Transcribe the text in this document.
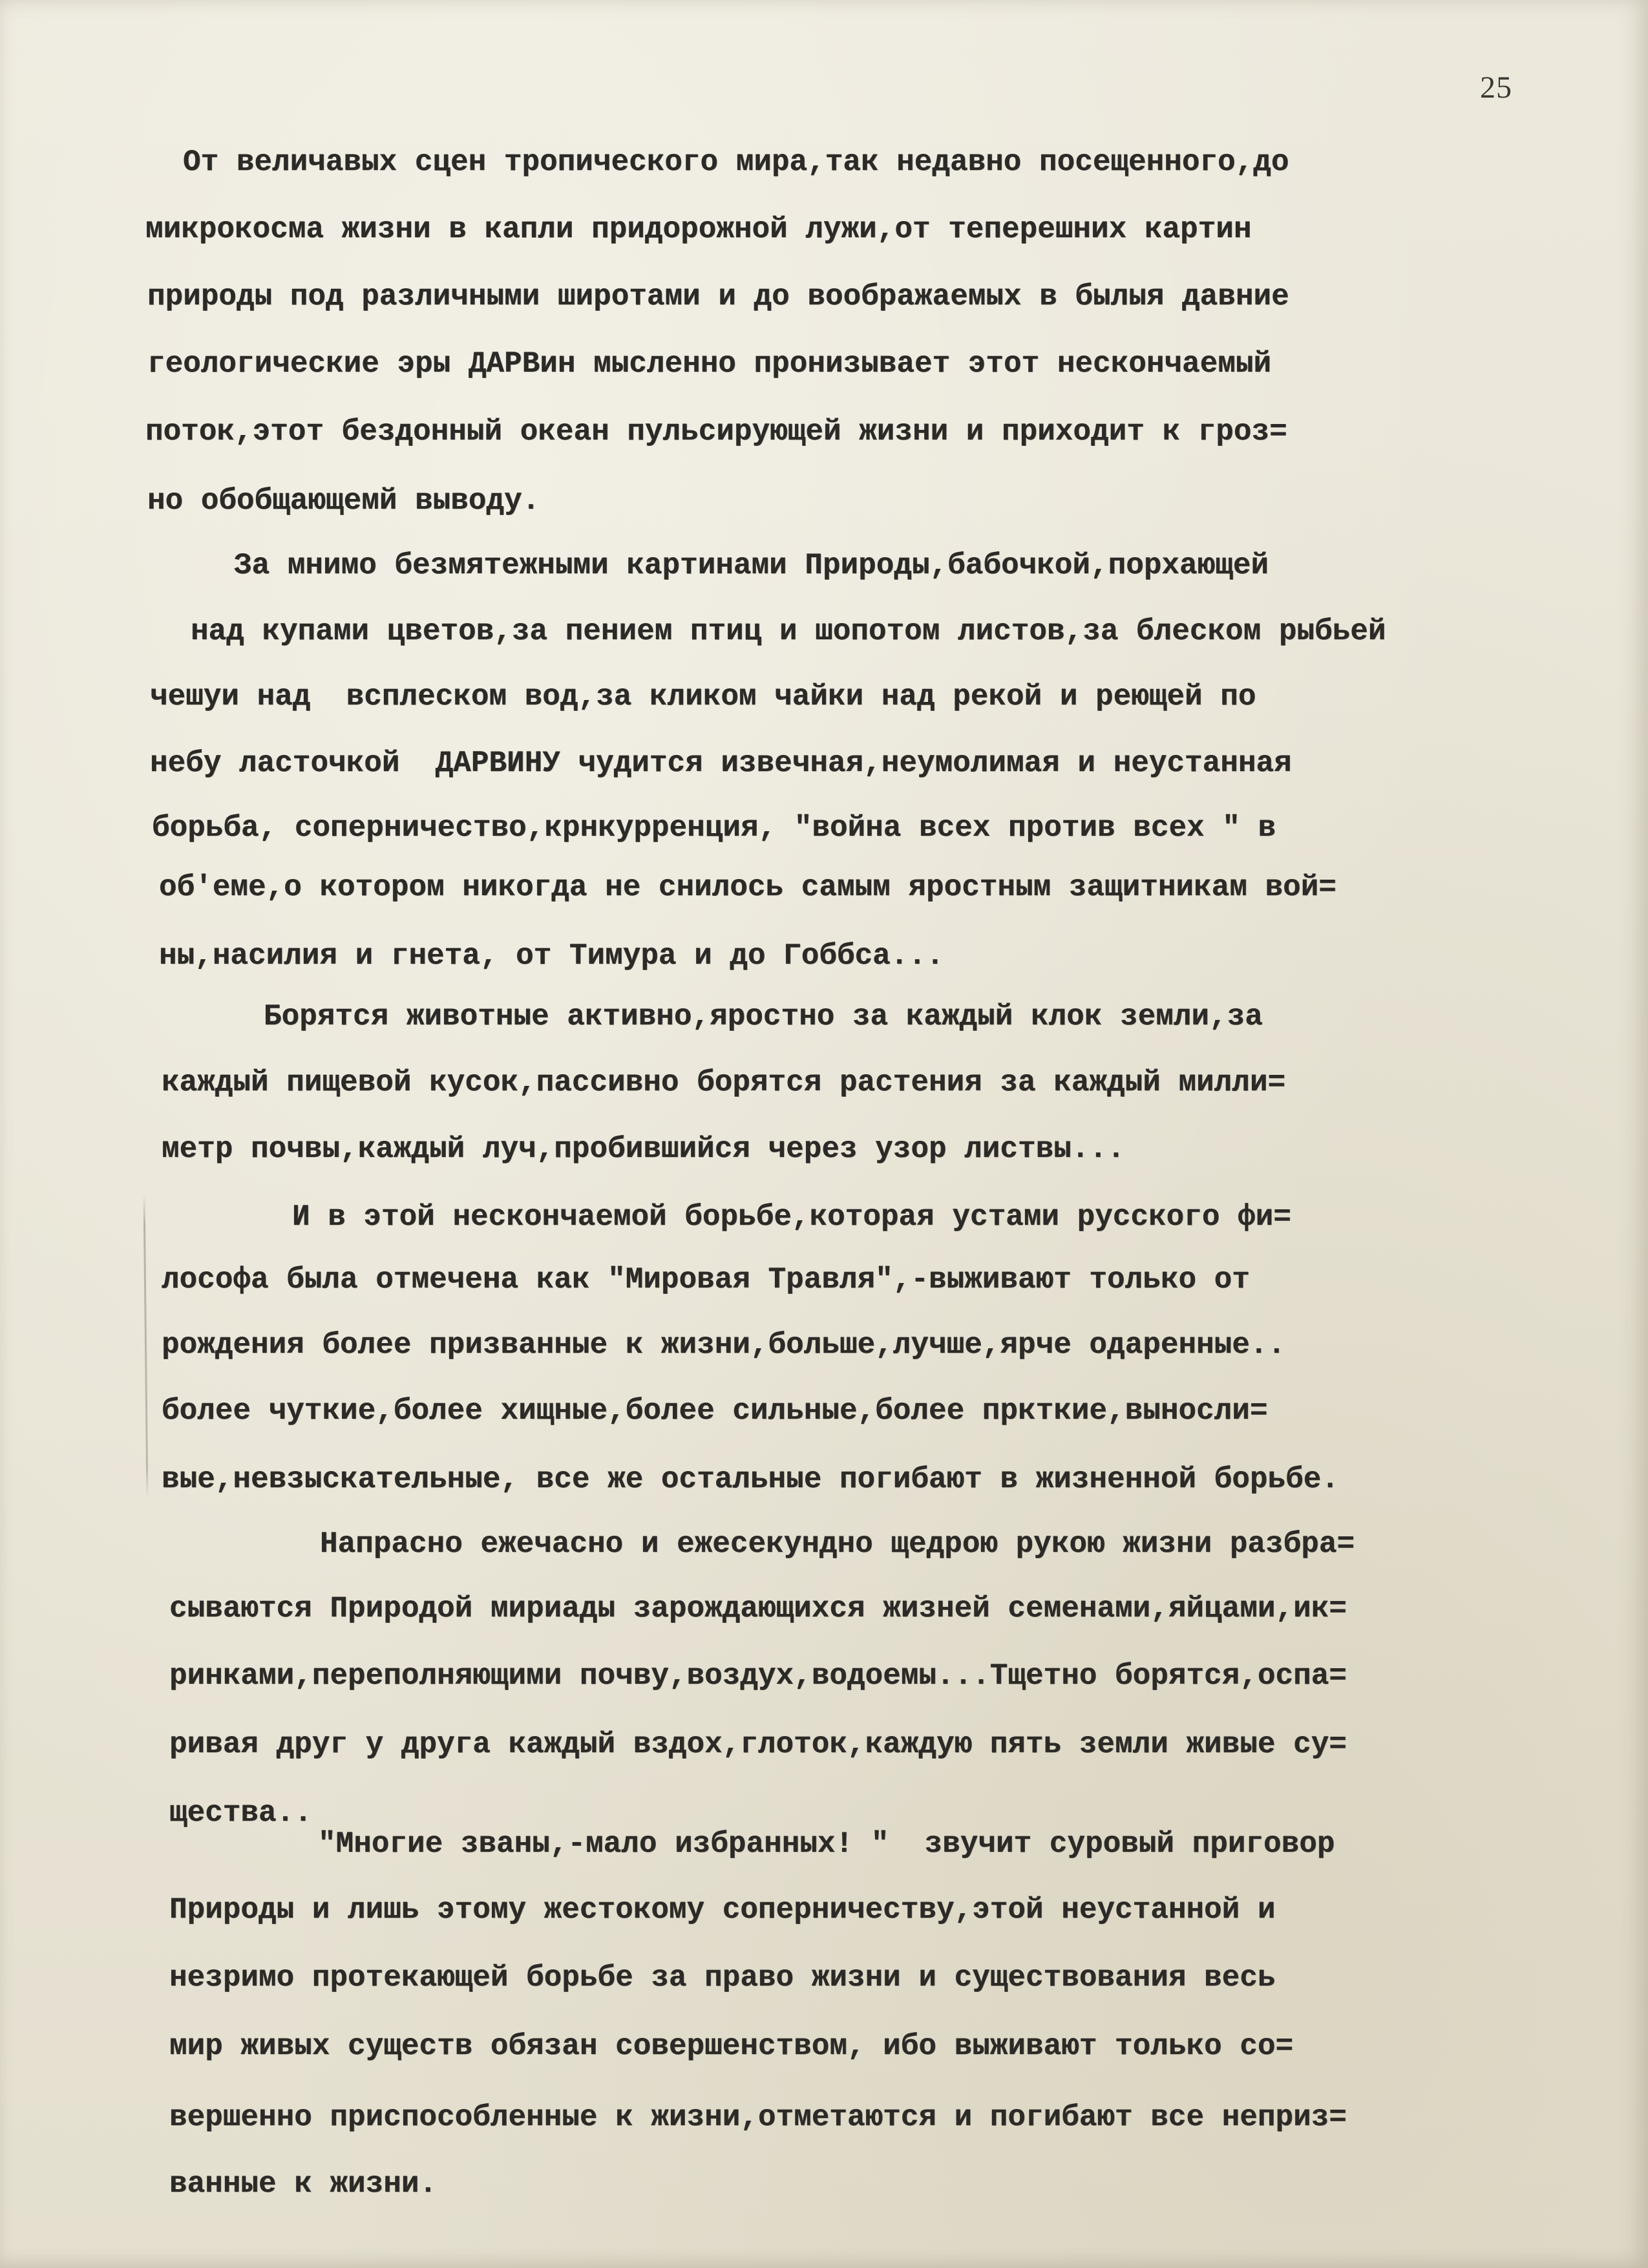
25
От величавых сцен тропического мира,так недавно посещенного,до
микрокосма жизни в капли придорожной лужи,от теперешних картин
природы под различными широтами и до воображаемых в былыя давние
геологические эры ДАРВин мысленно пронизывает этот нескончаемый
поток,этот бездонный океан пульсирующей жизни и приходит к гроз=
но обобщающемй выводу.
За мнимо безмятежными картинами Природы,бабочкой,порхающей
над купами цветов,за пением птиц и шопотом листов,за блеском рыбьей
чешуи над  всплеском вод,за кликом чайки над рекой и реющей по
небу ласточкой  ДАРВИНУ чудится извечная,неумолимая и неустанная
борьба, соперничество,крнкурренция, "война всех против всех " в
об'еме,о котором никогда не снилось самым яростным защитникам вой=
ны,насилия и гнета, от Тимура и до Гоббса...
Борятся животные активно,яростно за каждый клок земли,за
каждый пищевой кусок,пассивно борятся растения за каждый милли=
метр почвы,каждый луч,пробившийся через узор листвы...
И в этой нескончаемой борьбе,которая устами русского фи=
лософа была отмечена как "Мировая Травля",-выживают только от
рождения более призванные к жизни,больше,лучше,ярче одаренные..
более чуткие,более хищные,более сильные,более пркткие,выносли=
вые,невзыскательные, все же остальные погибают в жизненной борьбе.
Напрасно ежечасно и ежесекундно щедрою рукою жизни разбра=
сываются Природой мириады зарождающихся жизней семенами,яйцами,ик=
ринками,переполняющими почву,воздух,водоемы...Тщетно борятся,оспа=
ривая друг у друга каждый вздох,глоток,каждую пять земли живые су=
щества..
"Многие званы,-мало избранных! "  звучит суровый приговор
Природы и лишь этому жестокому соперничеству,этой неустанной и
незримо протекающей борьбе за право жизни и существования весь
мир живых существ обязан совершенством, ибо выживают только со=
вершенно приспособленные к жизни,отметаются и погибают все неприз=
ванные к жизни.
